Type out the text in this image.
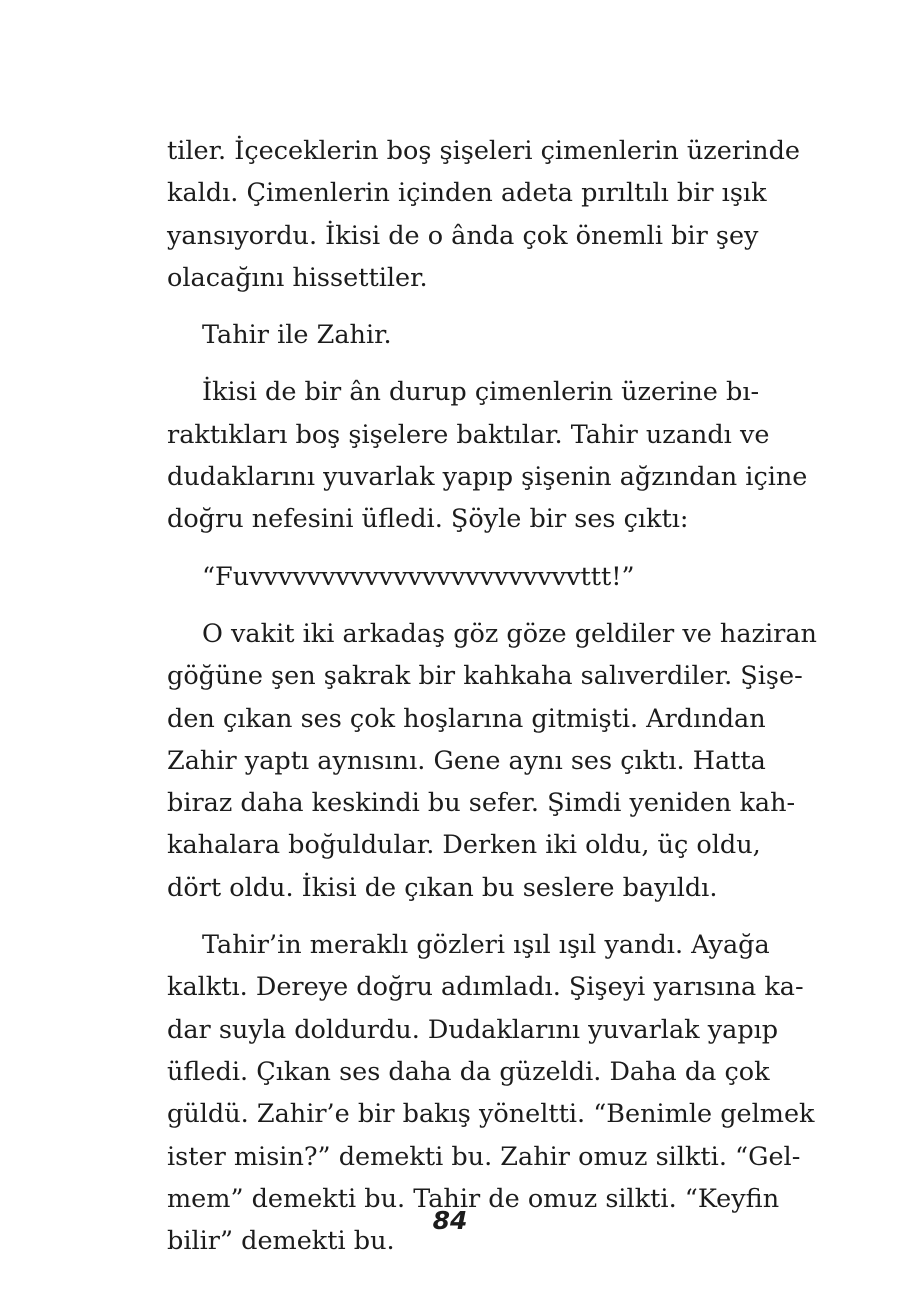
tiler. İçeceklerin boş şişeleri çimenlerin üzerinde
kaldı. Çimenlerin içinden adeta pırıltılı bir ışık
yansıyordu. İkisi de o ânda çok önemli bir şey
olacağını hissettiler.
Tahir ile Zahir.
İkisi de bir ân durup çimenlerin üzerine bı-
raktıkları boş şişelere baktılar. Tahir uzandı ve
dudaklarını yuvarlak yapıp şişenin ağzından içine
doğru nefesini üfledi. Şöyle bir ses çıktı:
“Fuvvvvvvvvvvvvvvvvvvvvvvvttt!”
O vakit iki arkadaş göz göze geldiler ve haziran
göğüne şen şakrak bir kahkaha salıverdiler. Şişe-
den çıkan ses çok hoşlarına gitmişti. Ardından
Zahir yaptı aynısını. Gene aynı ses çıktı. Hatta
biraz daha keskindi bu sefer. Şimdi yeniden kah-
kahalara boğuldular. Derken iki oldu, üç oldu,
dört oldu. İkisi de çıkan bu seslere bayıldı.
Tahir’in meraklı gözleri ışıl ışıl yandı. Ayağa
kalktı. Dereye doğru adımladı. Şişeyi yarısına ka-
dar suyla doldurdu. Dudaklarını yuvarlak yapıp
üfledi. Çıkan ses daha da güzeldi. Daha da çok
güldü. Zahir’e bir bakış yöneltti. “Benimle gelmek
ister misin?” demekti bu. Zahir omuz silkti. “Gel-
mem” demekti bu. Tahir de omuz silkti. “Keyfin
bilir” demekti bu.
84
